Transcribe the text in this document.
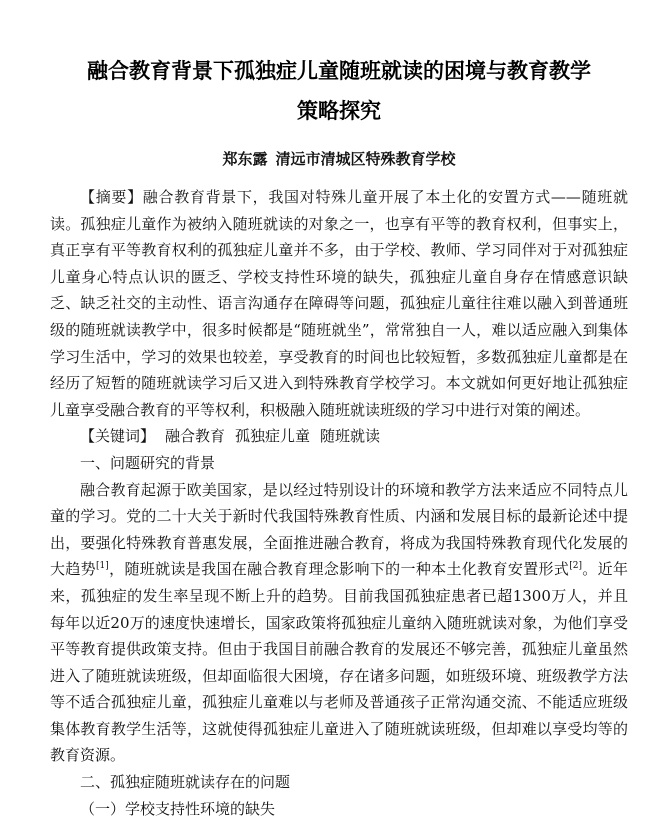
融合教育背景下孤独症儿童随班就读的困境与教育教学
策略探究
郑东露 清远市清城区特殊教育学校

【摘要】融合教育背景下，我国对特殊儿童开展了本土化的安置方式——随班就读。孤独症儿童作为被纳入随班就读的对象之一，也享有平等的教育权利，但事实上，真正享有平等教育权利的孤独症儿童并不多，由于学校、教师、学习同伴对于对孤独症儿童身心特点认识的匮乏、学校支持性环境的缺失，孤独症儿童自身存在情感意识缺乏、缺乏社交的主动性、语言沟通存在障碍等问题，孤独症儿童往往难以融入到普通班级的随班就读教学中，很多时候都是“随班就坐”，常常独自一人，难以适应融入到集体学习生活中，学习的效果也较差，享受教育的时间也比较短暂，多数孤独症儿童都是在经历了短暂的随班就读学习后又进入到特殊教育学校学习。本文就如何更好地让孤独症儿童享受融合教育的平等权利，积极融入随班就读班级的学习中进行对策的阐述。

【关键词】 融合教育 孤独症儿童 随班就读

一、问题研究的背景

融合教育起源于欧美国家，是以经过特别设计的环境和教学方法来适应不同特点儿童的学习。党的二十大关于新时代我国特殊教育性质、内涵和发展目标的最新论述中提出，要强化特殊教育普惠发展，全面推进融合教育，将成为我国特殊教育现代化发展的大趋势[1]，随班就读是我国在融合教育理念影响下的一种本土化教育安置形式[2]。近年来，孤独症的发生率呈现不断上升的趋势。目前我国孤独症患者已超1300万人，并且每年以近20万的速度快速增长，国家政策将孤独症儿童纳入随班就读对象，为他们享受平等教育提供政策支持。但由于我国目前融合教育的发展还不够完善，孤独症儿童虽然进入了随班就读班级，但却面临很大困境，存在诸多问题，如班级环境、班级教学方法等不适合孤独症儿童，孤独症儿童难以与老师及普通孩子正常沟通交流、不能适应班级集体教育教学生活等，这就使得孤独症儿童进入了随班就读班级，但却难以享受均等的教育资源。

二、孤独症随班就读存在的问题

（一）学校支持性环境的缺失
